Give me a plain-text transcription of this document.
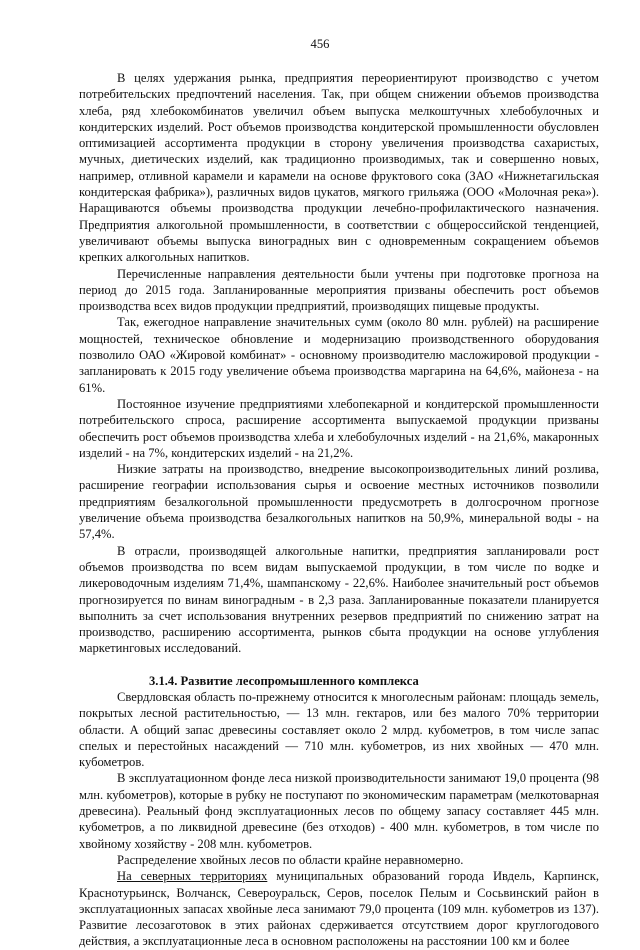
456

В целях удержания рынка, предприятия переориентируют производство с учетом потребительских предпочтений населения. Так, при общем снижении объемов производства хлеба, ряд хлебокомбинатов увеличил объем выпуска мелкоштучных хлебобулочных и кондитерских изделий. Рост объемов производства кондитерской промышленности обусловлен оптимизацией ассортимента продукции в сторону увеличения производства сахаристых, мучных, диетических изделий, как традиционно производимых, так и совершенно новых, например, отливной карамели и карамели на основе фруктового сока (ЗАО «Нижнетагильская кондитерская фабрика»), различных видов цукатов, мягкого грильяжа (ООО «Молочная река»). Наращиваются объемы производства продукции лечебно-профилактического назначения. Предприятия алкогольной промышленности, в соответствии с общероссийской тенденцией, увеличивают объемы выпуска виноградных вин с одновременным сокращением объемов крепких алкогольных напитков.

Перечисленные направления деятельности были учтены при подготовке прогноза на период до 2015 года. Запланированные мероприятия призваны обеспечить рост объемов производства всех видов продукции предприятий, производящих пищевые продукты.

Так, ежегодное направление значительных сумм (около 80 млн. рублей) на расширение мощностей, техническое обновление и модернизацию производственного оборудования позволило ОАО «Жировой комбинат» - основному производителю масложировой продукции - запланировать к 2015 году увеличение объема производства маргарина на 64,6%, майонеза - на 61%.

Постоянное изучение предприятиями хлебопекарной и кондитерской промышленности потребительского спроса, расширение ассортимента выпускаемой продукции призваны обеспечить рост объемов производства хлеба и хлебобулочных изделий - на 21,6%, макаронных изделий - на 7%, кондитерских изделий - на 21,2%.

Низкие затраты на производство, внедрение высокопроизводительных линий розлива, расширение географии использования сырья и освоение местных источников позволили предприятиям безалкогольной промышленности предусмотреть в долгосрочном прогнозе увеличение объема производства безалкогольных напитков на 50,9%, минеральной воды - на 57,4%.

В отрасли, производящей алкогольные напитки, предприятия запланировали рост объемов производства по всем видам выпускаемой продукции, в том числе по водке и ликероводочным изделиям 71,4%, шампанскому - 22,6%. Наиболее значительный рост объемов прогнозируется по винам виноградным - в 2,3 раза. Запланированные показатели планируется выполнить за счет использования внутренних резервов предприятий по снижению затрат на производство, расширению ассортимента, рынков сбыта продукции на основе углубления маркетинговых исследований.

3.1.4. Развитие лесопромышленного комплекса

Свердловская область по-прежнему относится к многолесным районам: площадь земель, покрытых лесной растительностью, — 13 млн. гектаров, или без малого 70% территории области. А общий запас древесины составляет около 2 млрд. кубометров, в том числе запас спелых и перестойных насаждений — 710 млн. кубометров, из них хвойных — 470 млн. кубометров.

В эксплуатационном фонде леса низкой производительности занимают 19,0 процента (98 млн. кубометров), которые в рубку не поступают по экономическим параметрам (мелкотоварная древесина). Реальный фонд эксплуатационных лесов по общему запасу составляет 445 млн. кубометров, а по ликвидной древесине (без отходов) - 400 млн. кубометров, в том числе по хвойному хозяйству - 208 млн. кубометров.

Распределение хвойных лесов по области крайне неравномерно.

На северных территориях муниципальных образований города Ивдель, Карпинск, Краснотурьинск, Волчанск, Североуральск, Серов, поселок Пелым и Сосьвинский район в эксплуатационных запасах хвойные леса занимают 79,0 процента (109 млн. кубометров из 137). Развитие лесозаготовок в этих районах сдерживается отсутствием дорог круглогодового действия, а эксплуатационные леса в основном расположены на расстоянии 100 км и более
